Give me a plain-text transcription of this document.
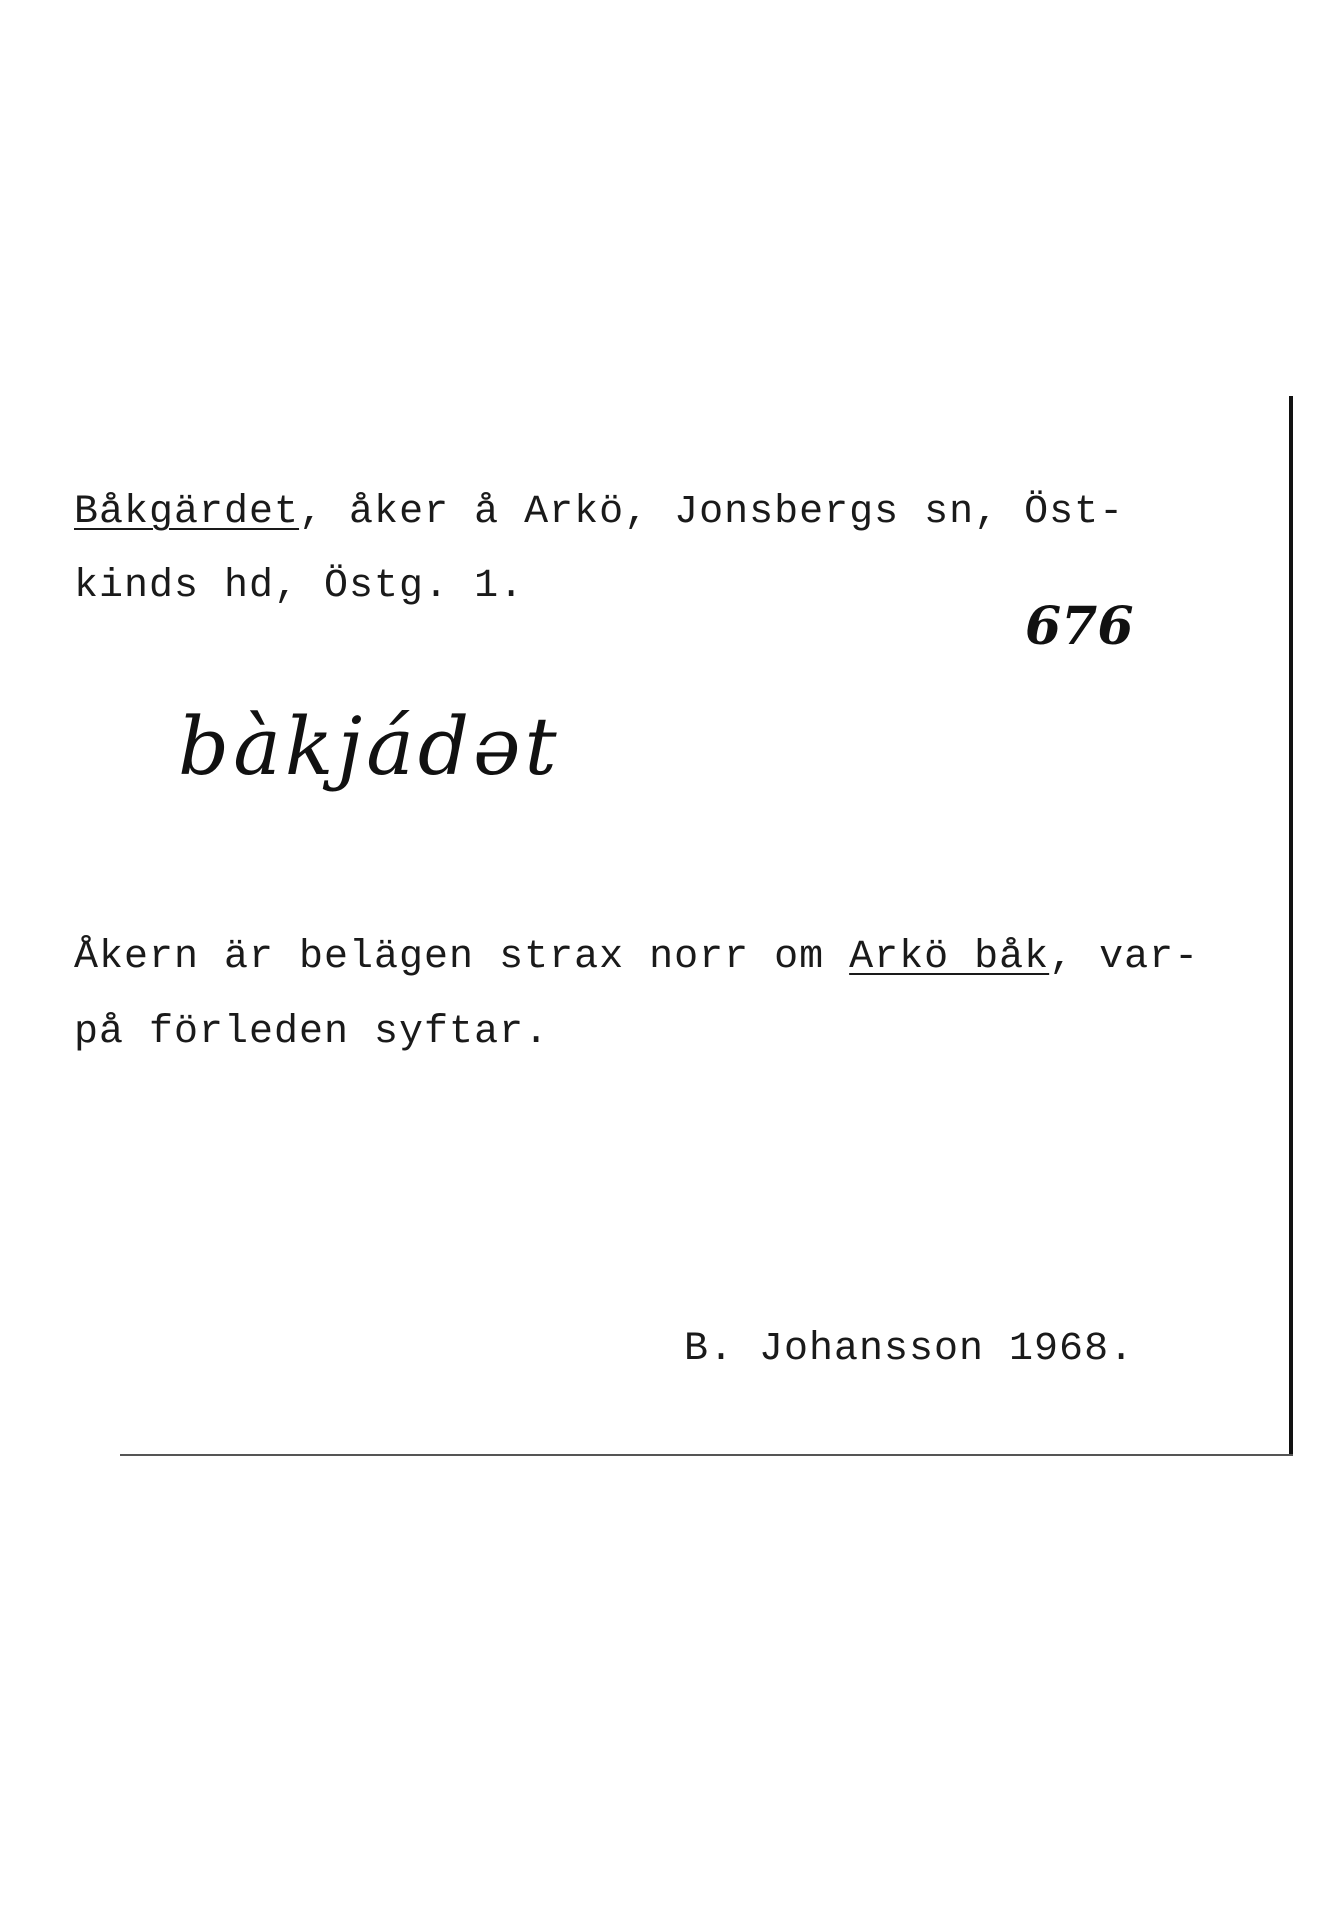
Båkgärdet, åker å Arkö, Jonsbergs sn, Öst-
kinds hd, Östg. 1.
676
bàkjádət
Åkern är belägen strax norr om Arkö båk, var-
på förleden syftar.
B. Johansson 1968.
